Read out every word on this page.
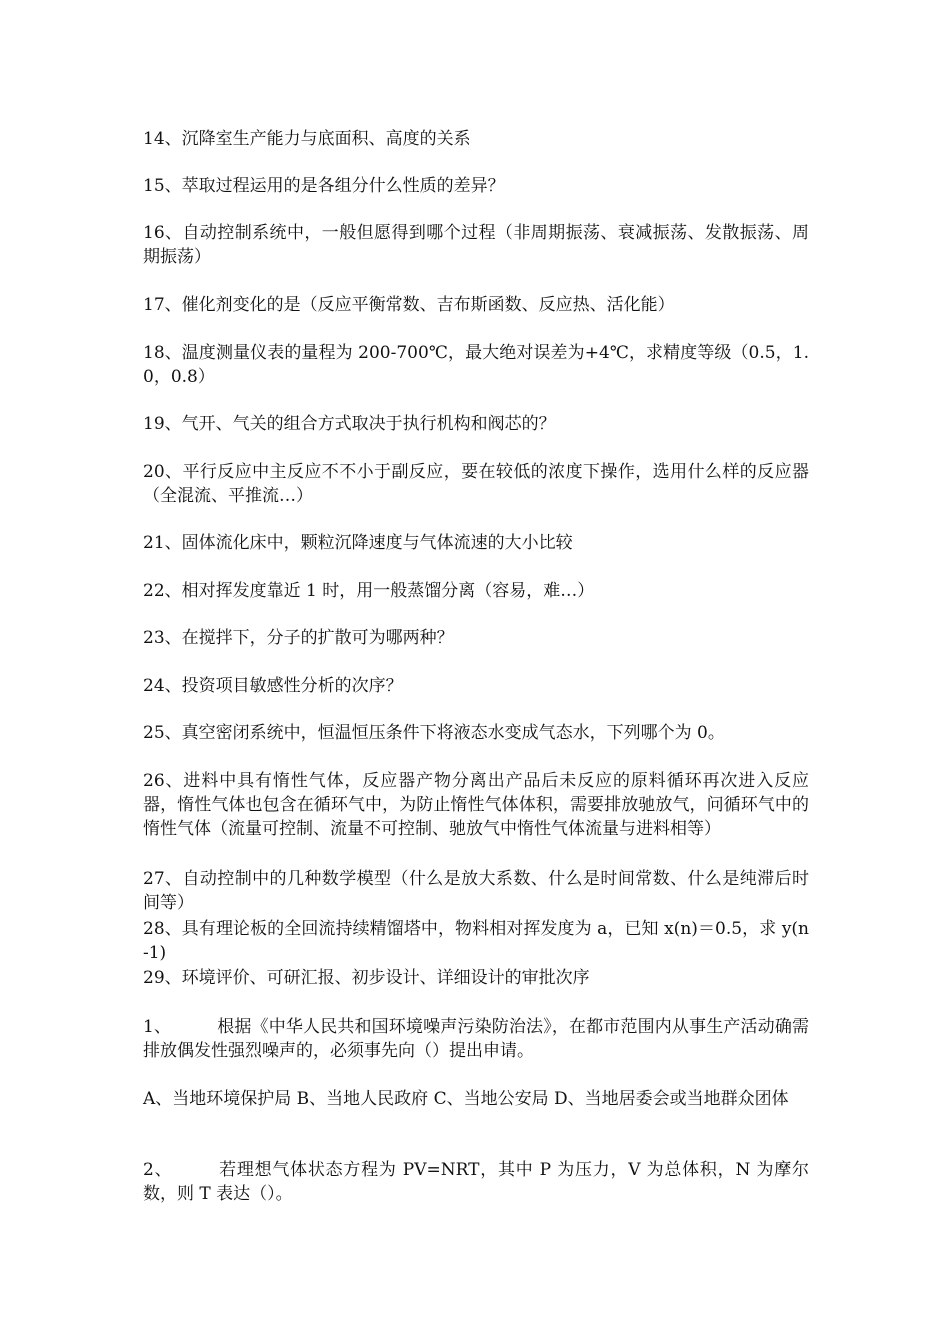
14、沉降室生产能力与底面积、高度的关系

15、萃取过程运用的是各组分什么性质的差异？

16、自动控制系统中，一般但愿得到哪个过程（非周期振荡、衰减振荡、发散振荡、周期振荡）

17、催化剂变化的是（反应平衡常数、吉布斯函数、反应热、活化能）

18、温度测量仪表的量程为 200-700℃，最大绝对误差为+4℃，求精度等级（0.5，1.0，0.8）

19、气开、气关的组合方式取决于执行机构和阀芯的？

20、平行反应中主反应不不小于副反应，要在较低的浓度下操作，选用什么样的反应器（全混流、平推流…）

21、固体流化床中，颗粒沉降速度与气体流速的大小比较

22、相对挥发度靠近 1 时，用一般蒸馏分离（容易，难…）

23、在搅拌下，分子的扩散可为哪两种？

24、投资项目敏感性分析的次序？

25、真空密闭系统中，恒温恒压条件下将液态水变成气态水，下列哪个为 0。

26、进料中具有惰性气体，反应器产物分离出产品后未反应的原料循环再次进入反应器，惰性气体也包含在循环气中，为防止惰性气体体积，需要排放驰放气，问循环气中的惰性气体（流量可控制、流量不可控制、驰放气中惰性气体流量与进料相等）

27、自动控制中的几种数学模型（什么是放大系数、什么是时间常数、什么是纯滞后时间等）

28、具有理论板的全回流持续精馏塔中，物料相对挥发度为 a，已知 x(n)＝0.5，求 y(n-1)

29、环境评价、可研汇报、初步设计、详细设计的审批次序

1、	根据《中华人民共和国环境噪声污染防治法》，在都市范围内从事生产活动确需排放偶发性强烈噪声的，必须事先向（）提出申请。

A、当地环境保护局 B、当地人民政府 C、当地公安局 D、当地居委会或当地群众团体

2、	若理想气体状态方程为 PV=NRT，其中 P 为压力，V 为总体积，N 为摩尔数，则 T 表达（）。
